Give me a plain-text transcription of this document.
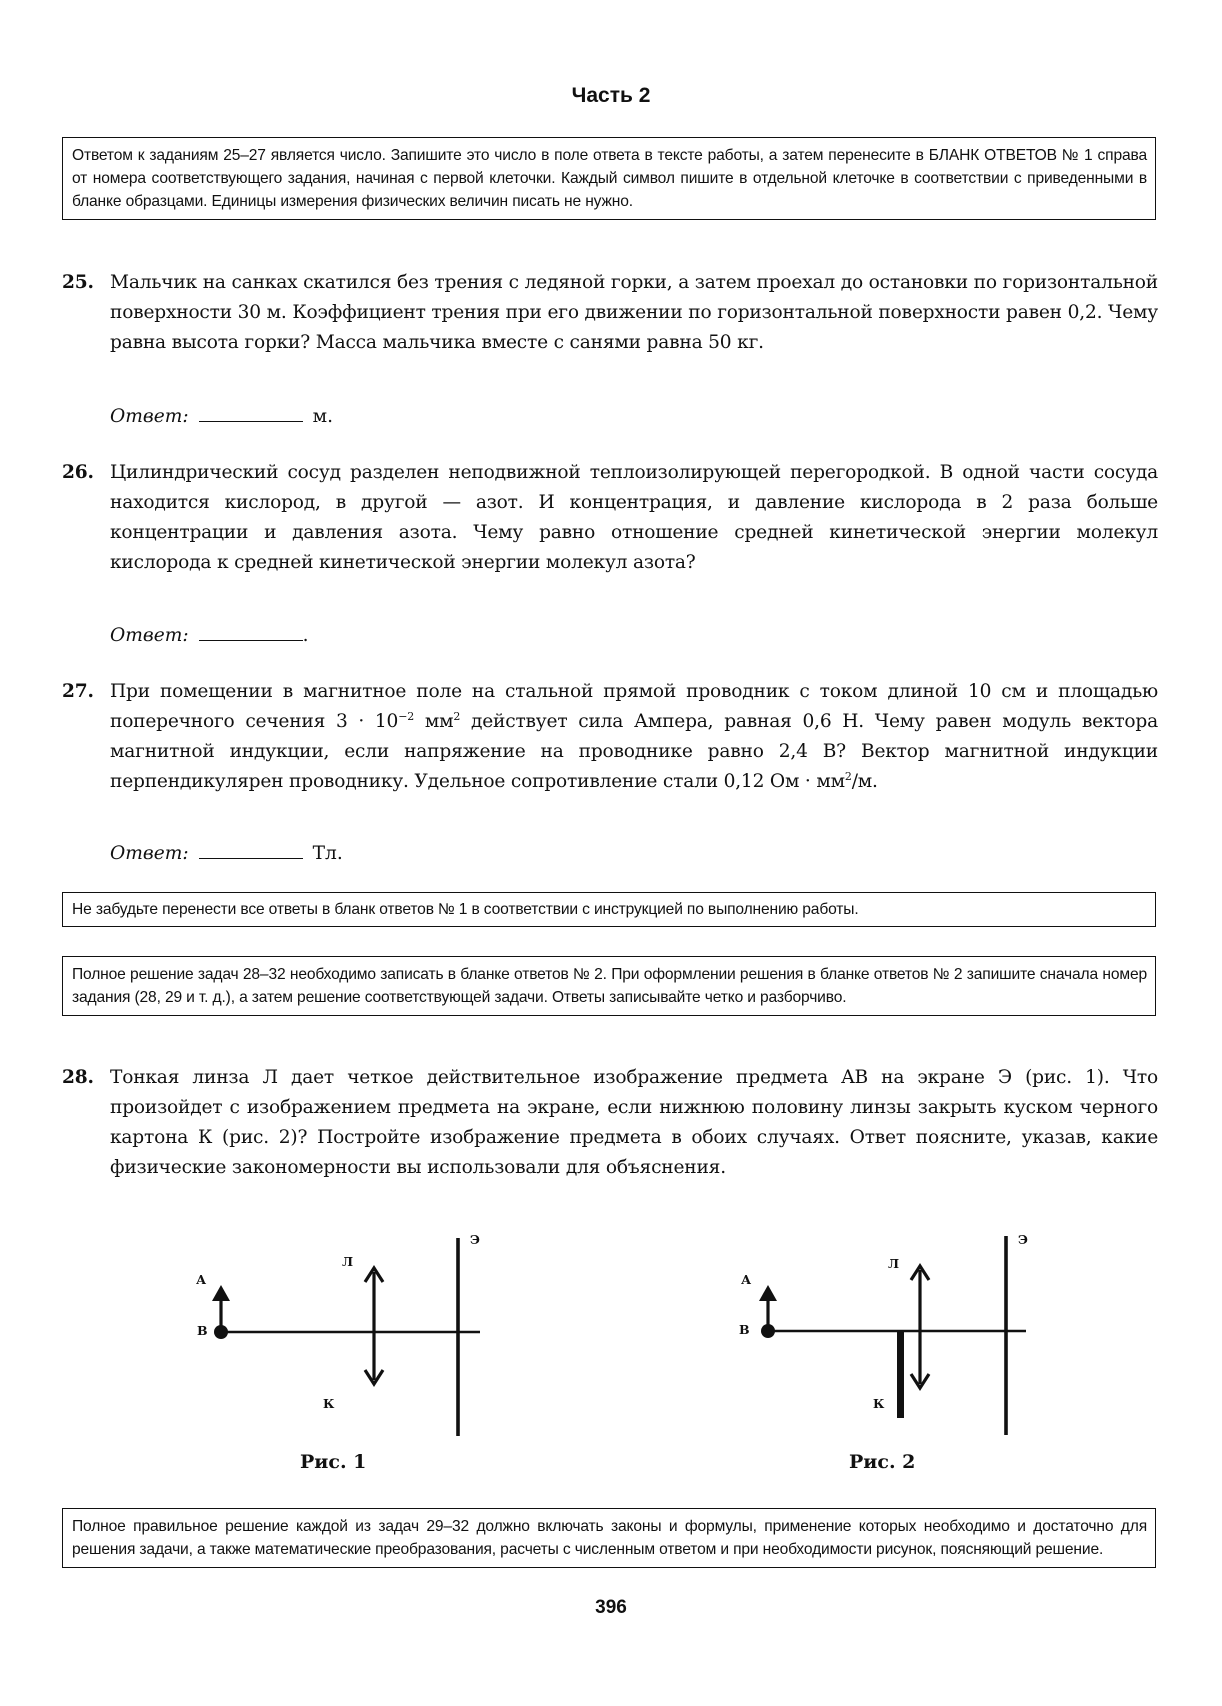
Часть 2
Ответом к заданиям 25–27 является число. Запишите это число в поле ответа в тексте работы, а затем перенесите в БЛАНК ОТВЕТОВ № 1 справа от номера соответствующего задания, начиная с первой клеточки. Каждый символ пишите в отдельной клеточке в соответствии с приведенными в бланке образцами. Единицы измерения физических величин писать не нужно.
25. Мальчик на санках скатился без трения с ледяной горки, а затем проехал до остановки по горизонтальной поверхности 30 м. Коэффициент трения при его движении по горизонтальной поверхности равен 0,2. Чему равна высота горки? Масса мальчика вместе с санями равна 50 кг.
Ответ:	м.
26. Цилиндрический сосуд разделен неподвижной теплоизолирующей перегородкой. В одной части сосуда находится кислород, в другой — азот. И концентрация, и давление кислорода в 2 раза больше концентрации и давления азота. Чему равно отношение средней кинетической энергии молекул кислорода к средней кинетической энергии молекул азота?
Ответ:	.
27. При помещении в магнитное поле на стальной прямой проводник с током длиной 10 см и площадью поперечного сечения $3 \cdot 10^{-2}$ $мм^2$ действует сила Ампера, равная 0,6 Н. Чему равен модуль вектора магнитной индукции, если напряжение на проводнике равно 2,4 В? Вектор магнитной индукции перпендикулярен проводнику. Удельное сопротивление стали 0,12 Ом · $мм^2/м$.
Ответ:	Тл.
Не забудьте перенести все ответы в бланк ответов № 1 в соответствии с инструкцией по выполнению работы.
Полное решение задач 28–32 необходимо записать в бланке ответов № 2. При оформлении решения в бланке ответов № 2 запишите сначала номер задания (28, 29 и т. д.), а затем решение соответствующей задачи. Ответы записывайте четко и разборчиво.
28. Тонкая линза Л дает четкое действительное изображение предмета AB на экране Э (рис. 1). Что произойдет с изображением предмета на экране, если нижнюю половину линзы закрыть куском черного картона К (рис. 2)? Постройте изображение предмета в обоих случаях. Ответ поясните, указав, какие физические закономерности вы использовали для объяснения.
А
В
Л
К
Э
Рис. 1
А
В
Л
К
Э
Рис. 2
Полное правильное решение каждой из задач 29–32 должно включать законы и формулы, применение которых необходимо и достаточно для решения задачи, а также математические преобразования, расчеты с численным ответом и при необходимости рисунок, поясняющий решение.
396
